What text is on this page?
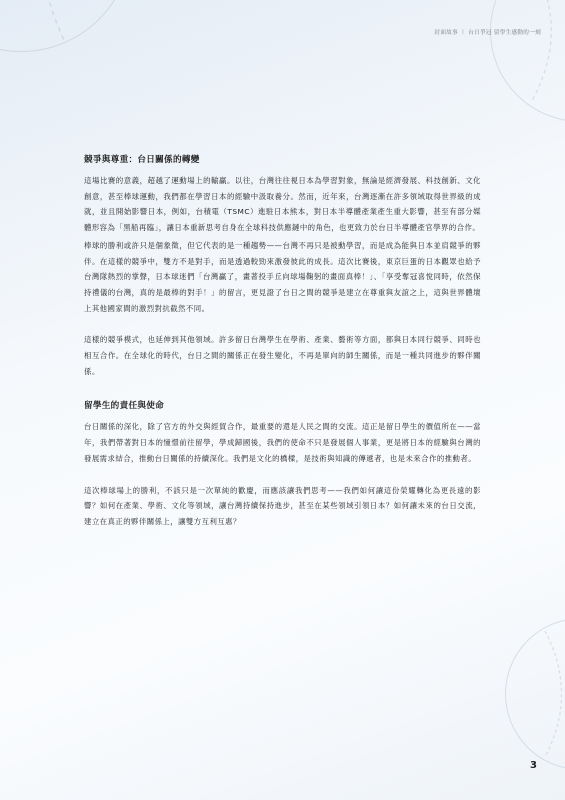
封面故事 | 台日爭冠 留學生感動的一刻
競爭與尊重：台日關係的轉變

這場比賽的意義，超越了運動場上的輸贏。以往，台灣往往視日本為學習對象，無論是經濟發展、科技創新、文化創意，甚至棒球運動，我們都在學習日本的經驗中汲取養分。然而，近年來，台灣逐漸在許多領域取得世界級的成就，並且開始影響日本，例如，台積電（TSMC）進駐日本熊本，對日本半導體產業產生重大影響，甚至有部分媒體形容為「黑船再臨」，讓日本重新思考自身在全球科技供應鏈中的角色，也更致力於台日半導體產官學界的合作。

棒球的勝利或許只是個象徵，但它代表的是一種趨勢——台灣不再只是被動學習，而是成為能與日本並肩競爭的夥伴。在這樣的競爭中，雙方不是對手，而是透過較勁來激發彼此的成長。這次比賽後，東京巨蛋的日本觀眾也給予台灣隊熱烈的掌聲，日本球迷們「台灣贏了，畫著投手丘向球場鞠躬的畫面真棒！」、「享受奪冠喜悅同時，依然保持禮儀的台灣，真的是最棒的對手！」的留言，更見證了台日之間的競爭是建立在尊重與友誼之上，這與世界體壇上其他國家間的激烈對抗截然不同。

這樣的競爭模式，也延伸到其他領域。許多留日台灣學生在學術、產業、藝術等方面，都與日本同行競爭、同時也相互合作。在全球化的時代，台日之間的關係正在發生變化，不再是單向的師生關係，而是一種共同進步的夥伴關係。

留學生的責任與使命

台日關係的深化，除了官方的外交與經貿合作，最重要的還是人民之間的交流。這正是留日學生的價值所在——當年，我們帶著對日本的憧憬前往留學，學成歸國後，我們的使命不只是發展個人事業，更是將日本的經驗與台灣的發展需求結合，推動台日關係的持續深化。我們是文化的橋樑，是技術與知識的傳遞者，也是未來合作的推動者。

這次棒球場上的勝利，不該只是一次單純的歡慶，而應該讓我們思考——我們如何讓這份榮耀轉化為更長遠的影響？如何在產業、學術、文化等領域，讓台灣持續保持進步，甚至在某些領域引領日本？如何讓未來的台日交流，建立在真正的夥伴關係上，讓雙方互利互惠？

3
